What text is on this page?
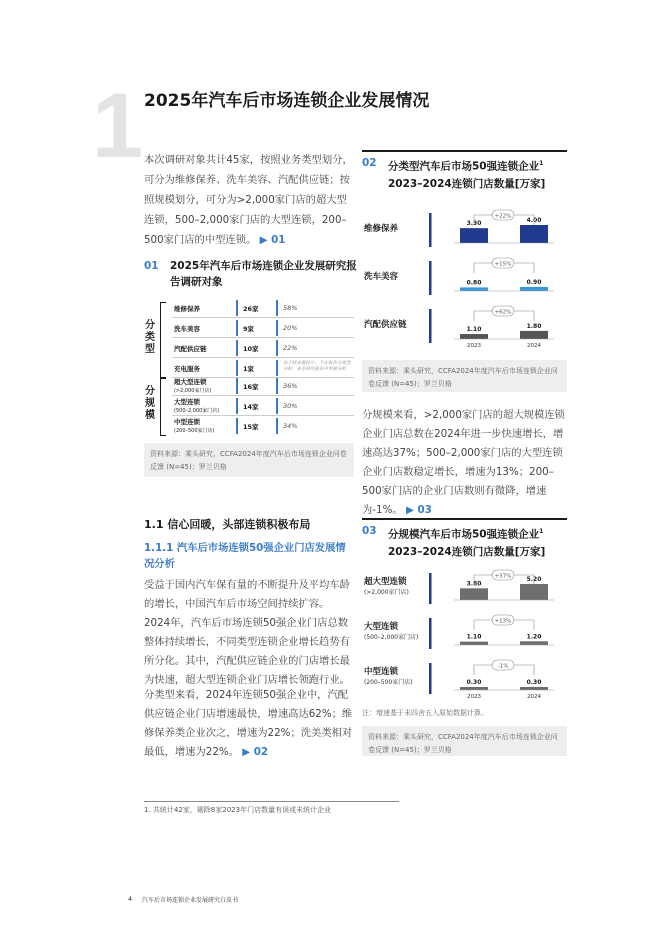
1 2025年汽车后市场连锁企业发展情况
本次调研对象共计45家，按照业务类型划分，可分为维修保养、洗车美容、汽配供应链；按照规模划分，可分为>2,000家门店的超大型连锁，500–2,000家门店的大型连锁，200–500家门店的中型连锁。 ▶ 01
01 2025年汽车后市场连锁企业发展研究报告调研对象
分类型
分规模
维修保养	26家	58%
洗车美容	9家	20%
汽配供应链	10家	22%
充电服务	1家
由于样本量较小，不在报告分类型分析，未在研究报告中单独分析
超大型连锁
(>2,000家门店)	16家	36%
大型连锁
(500–2,000家门店)	14家	30%
中型连锁
(200–500家门店)	15家	34%
资料来源：乘头研究，CCFA2024年度汽车后市场连锁企业问卷反馈 (N=45)；罗兰贝格
1.1 信心回暖，头部连锁积极布局
1.1.1 汽车后市场连锁50强企业门店发展情况分析
受益于国内汽车保有量的不断提升及平均车龄的增长，中国汽车后市场空间持续扩容。2024年，汽车后市场连锁50强企业门店总数整体持续增长，不同类型连锁企业增长趋势有所分化。其中，汽配供应链企业的门店增长最为快速，超大型连锁企业门店增长领跑行业。
分类型来看，2024年连锁50强企业中，汽配供应链企业门店增速最快，增速高达62%；维修保养类企业次之，增速为22%；洗美类相对最低，增速为22%。 ▶ 02
02 分类型汽车后市场50强连锁企业$^1$
2023–2024连锁门店数量[万家]
维修保养
3.30	4.00
+22%
洗车美容
0.80	0.90
+15%
汽配供应链	1.10	1.80
+62%
2023	2024
资料来源：乘头研究，CCFA2024年度汽车后市场连锁企业问卷反馈 (N=45)；罗兰贝格
分规模来看，>2,000家门店的超大规模连锁企业门店总数在2024年进一步快速增长，增速高达37%；500–2,000家门店的大型连锁企业门店数稳定增长，增速为13%；200–500家门店的企业门店数则有微降，增速为-1%。 ▶ 03
03 分规模汽车后市场50强连锁企业$^1$
2023–2024连锁门店数量[万家]
超大型连锁
(>2,000家门店)
3.80
5.20
+37%
大型连锁
(500–2,000家门店)	1.10	1.20
+13%
中型连锁
(200–500家门店)	0.30	0.30
-1%
2023	2024
注：增速基于未四舍五入原始数据计算。
资料来源：乘头研究，CCFA2024年度汽车后市场连锁企业问卷反馈 (N=45)；罗兰贝格
1. 共统计42家，剔除8家2023年门店数量有误或未统计企业
4 汽车后市场连锁企业发展研究白皮书
